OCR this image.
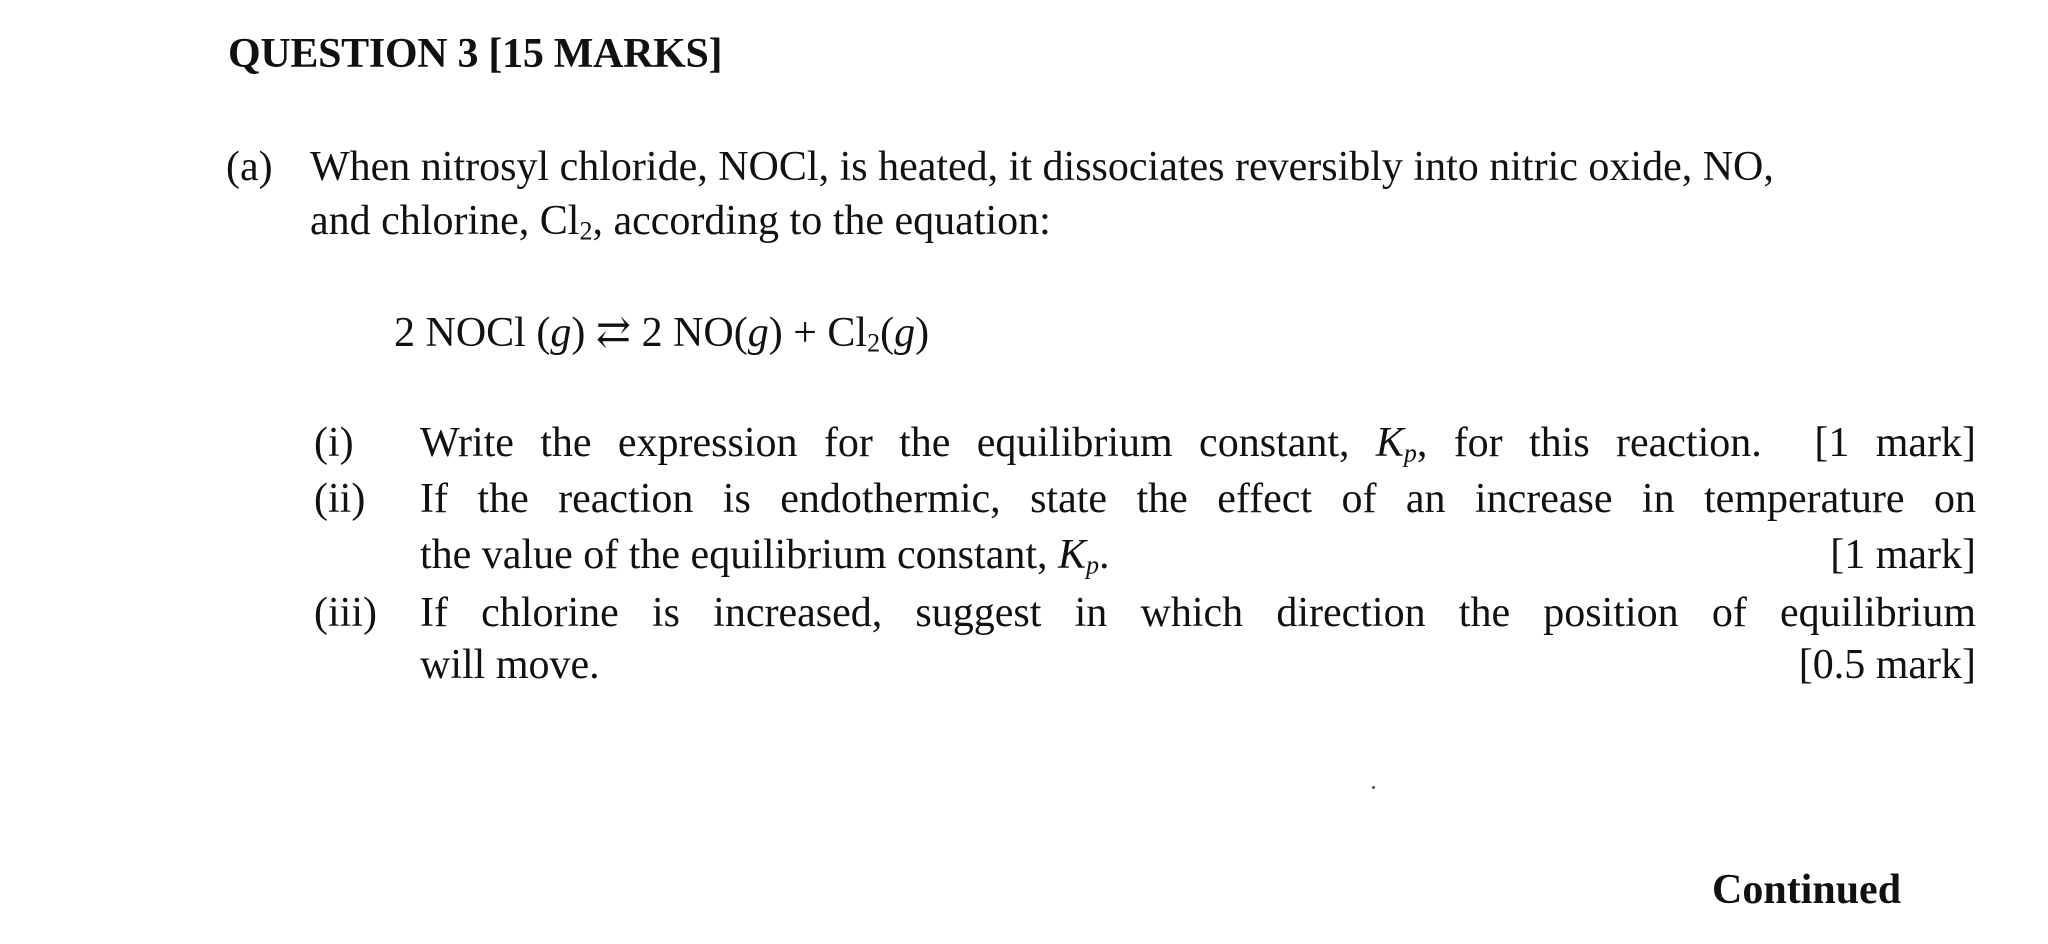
QUESTION 3 [15 MARKS]
(a) When nitrosyl chloride, NOCl, is heated, it dissociates reversibly into nitric oxide, NO,
and chlorine, $Cl_2$, according to the equation:
2 NOCl (g) ⇄ 2 $NO(g) + Cl_2(g)$
(i) Write the expression for the equilibrium constant, $K_p$, for this reaction. [1 mark]
(ii) If the reaction is endothermic, state the effect of an increase in temperature on
the value of the equilibrium constant, $K_p$.	[1 mark]
(iii) If chlorine is increased, suggest in which direction the position of equilibrium
will move.	[0.5 mark]
Continued
